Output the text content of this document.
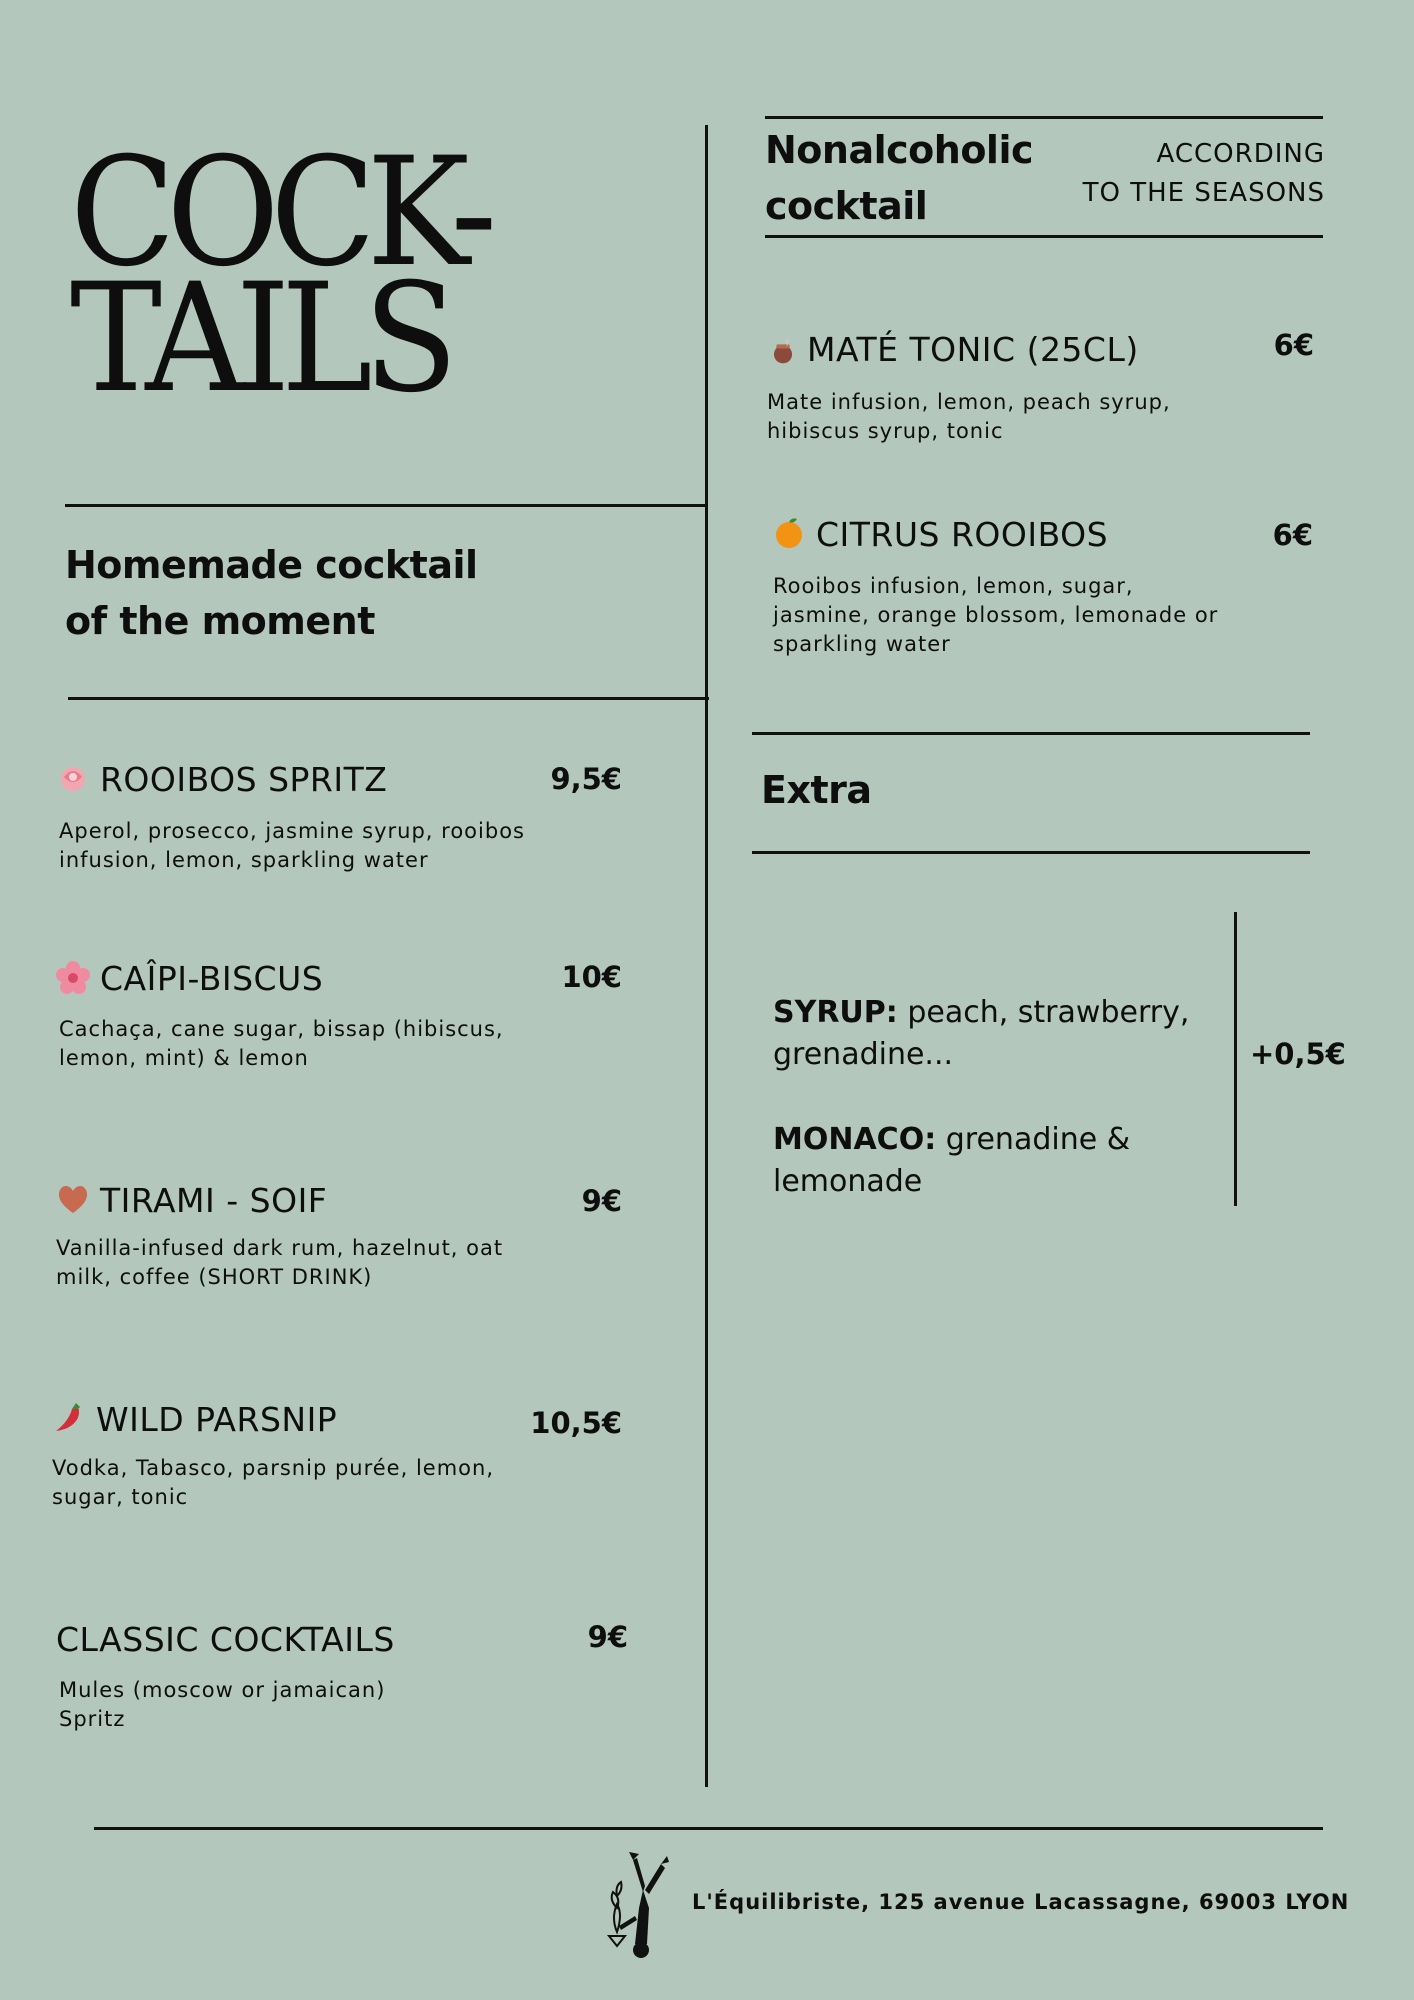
COCK-
TAILS
Homemade cocktail
of the moment
ROOIBOS SPRITZ	9,5€
Aperol, prosecco, jasmine syrup, rooibos
infusion, lemon, sparkling water
CAÎPI-BISCUS	10€
Cachaça, cane sugar, bissap (hibiscus,
lemon, mint) & lemon
TIRAMI - SOIF	9€
Vanilla-infused dark rum, hazelnut, oat
milk, coffee (SHORT DRINK)
WILD PARSNIP	10,5€
Vodka, Tabasco, parsnip purée, lemon,
sugar, tonic
CLASSIC COCKTAILS	9€
Mules (moscow or jamaican)
Spritz
Nonalcoholic
cocktail
ACCORDING
TO THE SEASONS
MATÉ TONIC (25CL)	6€
Mate infusion, lemon, peach syrup,
hibiscus syrup, tonic
CITRUS ROOIBOS	6€
Rooibos infusion, lemon, sugar,
jasmine, orange blossom, lemonade or
sparkling water
Extra

SYRUP: peach, strawberry,
grenadine...

MONACO: grenadine &
lemonade

+0,5€
L'Équilibriste, 125 avenue Lacassagne, 69003 LYON
